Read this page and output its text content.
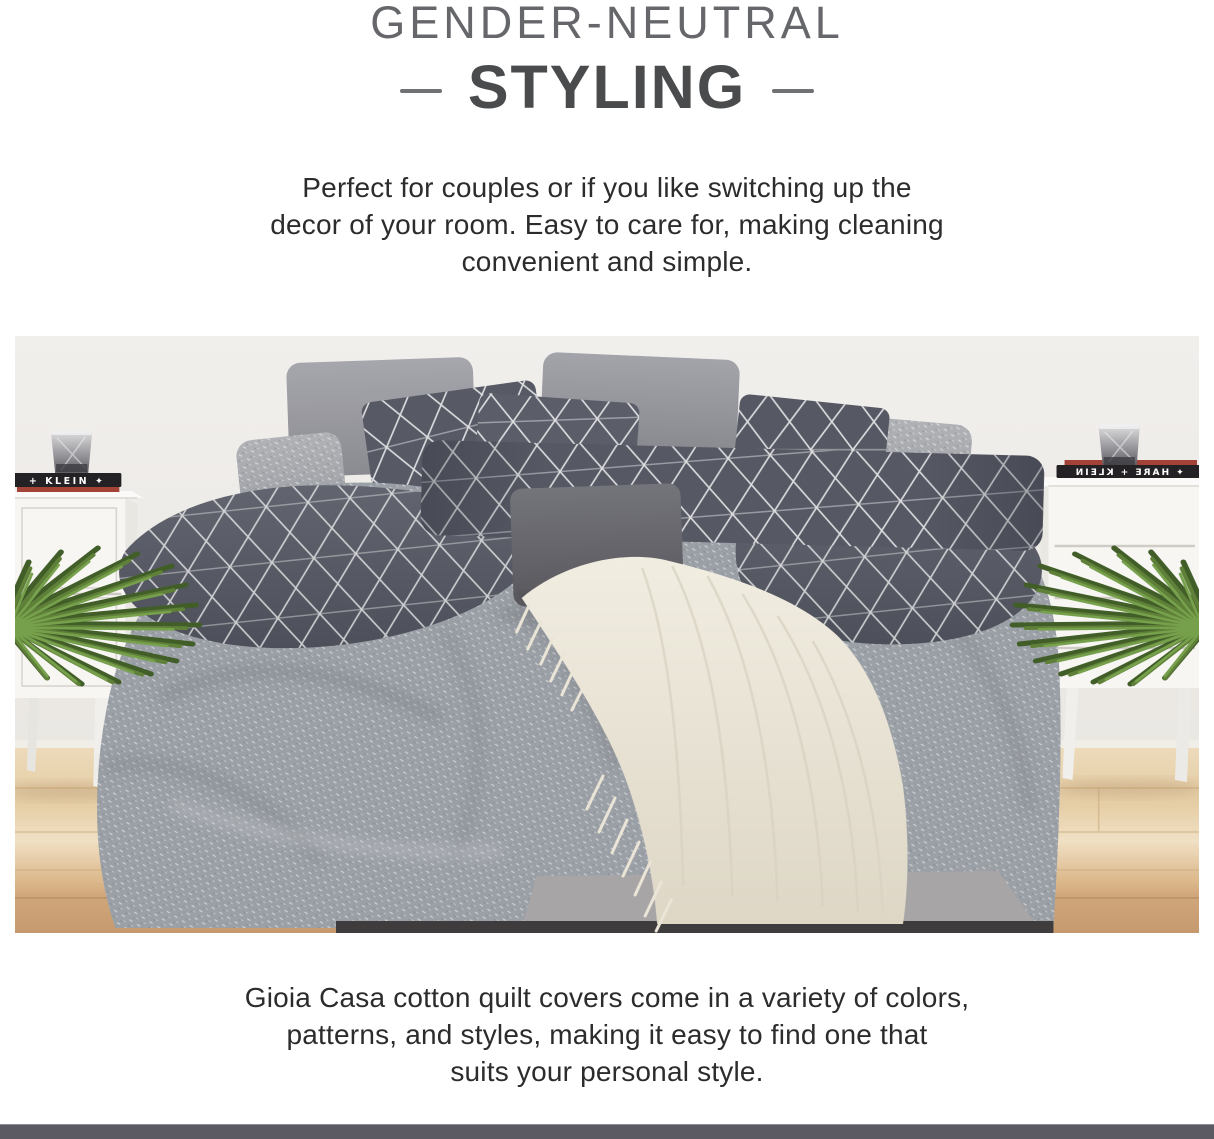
GENDER-NEUTRAL
STYLING

Perfect for couples or if you like switching up the
decor of your room. Easy to care for, making cleaning
convenient and simple.

+ KLEIN ✦
✦ HARE + KLEIN

Gioia Casa cotton quilt covers come in a variety of colors,
patterns, and styles, making it easy to find one that
suits your personal style.
